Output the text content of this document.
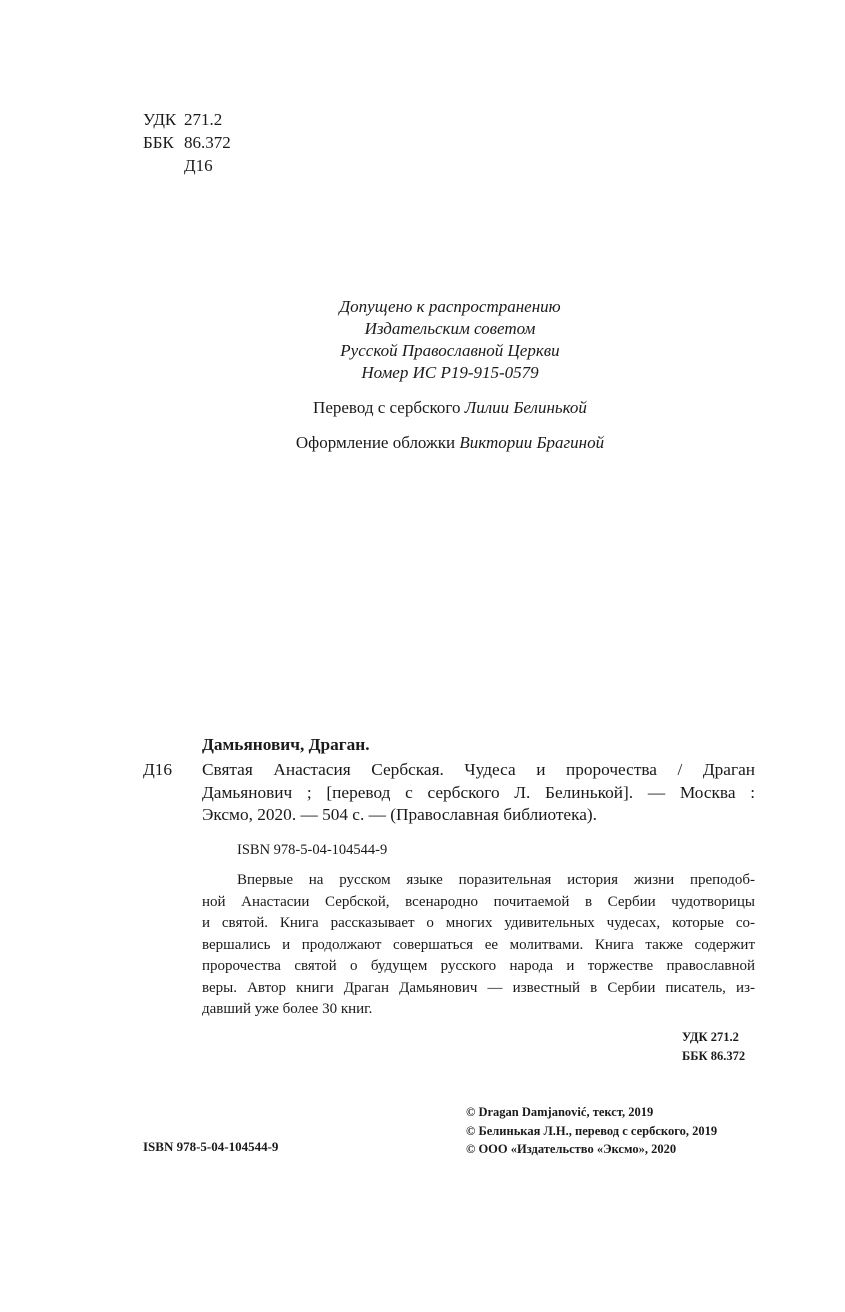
УДК 271.2
ББК 86.372
Д16
Допущено к распространению
Издательским советом
Русской Православной Церкви
Номер ИС Р19-915-0579
Перевод с сербского Лилии Белинькой
Оформление обложки Виктории Брагиной
Дамьянович, Драган.
Д16 Святая Анастасия Сербская. Чудеса и пророчества / Драган
Дамьянович ; [перевод с сербского Л. Белинькой]. — Москва :
Эксмо, 2020. — 504 с. — (Православная библиотека).
ISBN 978-5-04-104544-9
Впервые на русском языке поразительная история жизни преподоб-
ной Анастасии Сербской, всенародно почитаемой в Сербии чудотворицы
и святой. Книга рассказывает о многих удивительных чудесах, которые со-
вершались и продолжают совершаться ее молитвами. Книга также содержит
пророчества святой о будущем русского народа и торжестве православной
веры. Автор книги Драган Дамьянович — известный в Сербии писатель, из-
давший уже более 30 книг.
УДК 271.2
ББК 86.372
ISBN 978-5-04-104544-9
© Dragan Damjanović, текст, 2019
© Белинькая Л.Н., перевод с сербского, 2019
© ООО «Издательство «Эксмо», 2020
